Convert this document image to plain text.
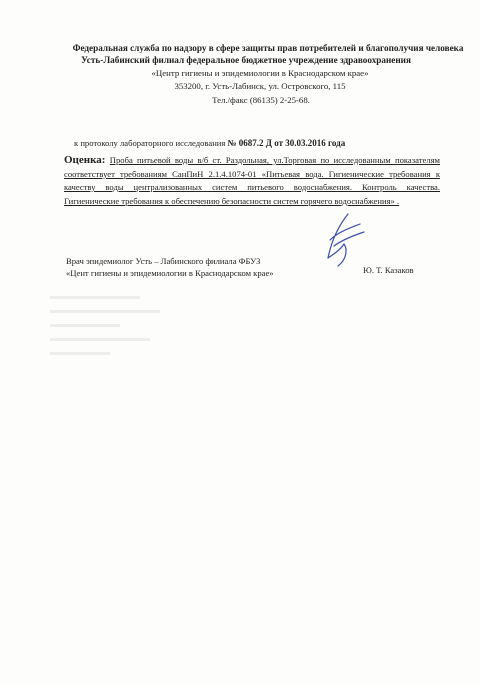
Федеральная служба по надзору в сфере защиты прав потребителей и благополучия человека
Усть-Лабинский филиал федеральное бюджетное учреждение здравоохранения
«Центр гигиены и эпидемиологии в Краснодарском крае»
353200, г. Усть-Лабинск, ул. Островского, 115
Тел./факс (86135) 2-25-68.
к протоколу лабораторного исследования № 0687.2 Д от 30.03.2016 года
Оценка: Проба питьевой воды в/б ст. Раздольная, ул.Торговая по исследованным показателям соответствует требованиям СанПиН 2.1.4.1074-01 «Питьевая вода. Гигиенические требования к качеству воды централизованных систем питьевого водоснабжения. Контроль качества. Гигиенические требования к обеспечению безопасности систем горячего водоснабжения» .
Врач эпидемиолог Усть – Лабинского филиала ФБУЗ
«Цент гигиены и эпидемиологии в Краснодарском крае»	Ю. Т. Казаков
